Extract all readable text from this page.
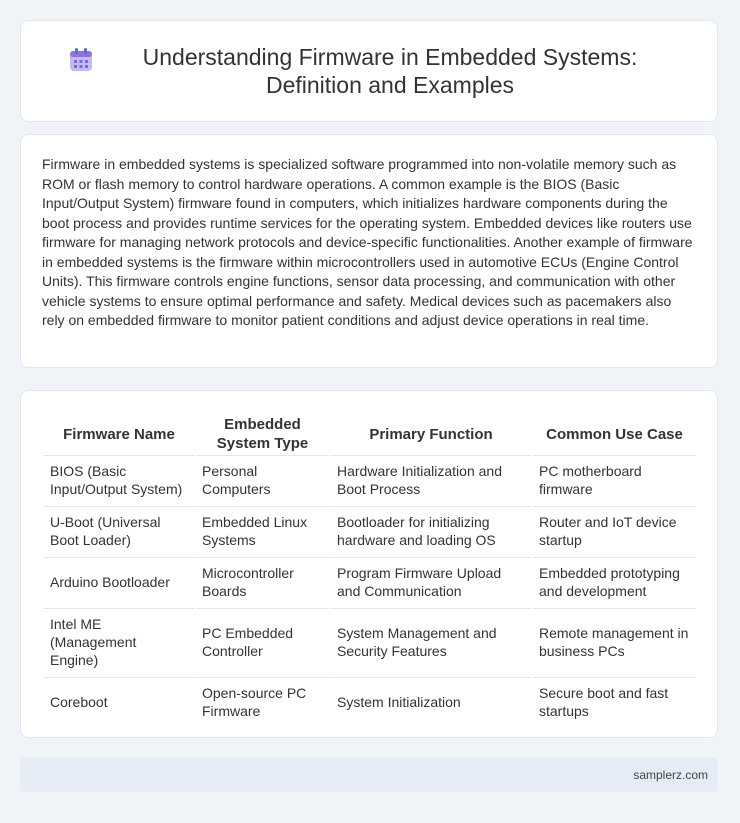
Understanding Firmware in Embedded Systems: Definition and Examples

Firmware in embedded systems is specialized software programmed into non-volatile memory such as ROM or flash memory to control hardware operations. A common example is the BIOS (Basic Input/Output System) firmware found in computers, which initializes hardware components during the boot process and provides runtime services for the operating system. Embedded devices like routers use firmware for managing network protocols and device-specific functionalities. Another example of firmware in embedded systems is the firmware within microcontrollers used in automotive ECUs (Engine Control Units). This firmware controls engine functions, sensor data processing, and communication with other vehicle systems to ensure optimal performance and safety. Medical devices such as pacemakers also rely on embedded firmware to monitor patient conditions and adjust device operations in real time.

Firmware Name	Embedded System Type	Primary Function	Common Use Case
BIOS (Basic Input/Output System)	Personal Computers	Hardware Initialization and Boot Process	PC motherboard firmware
U-Boot (Universal Boot Loader)	Embedded Linux Systems	Bootloader for initializing hardware and loading OS	Router and IoT device startup
Arduino Bootloader	Microcontroller Boards	Program Firmware Upload and Communication	Embedded prototyping and development
Intel ME (Management Engine)	PC Embedded Controller	System Management and Security Features	Remote management in business PCs
Coreboot	Open-source PC Firmware	System Initialization	Secure boot and fast startups
samplerz.com
